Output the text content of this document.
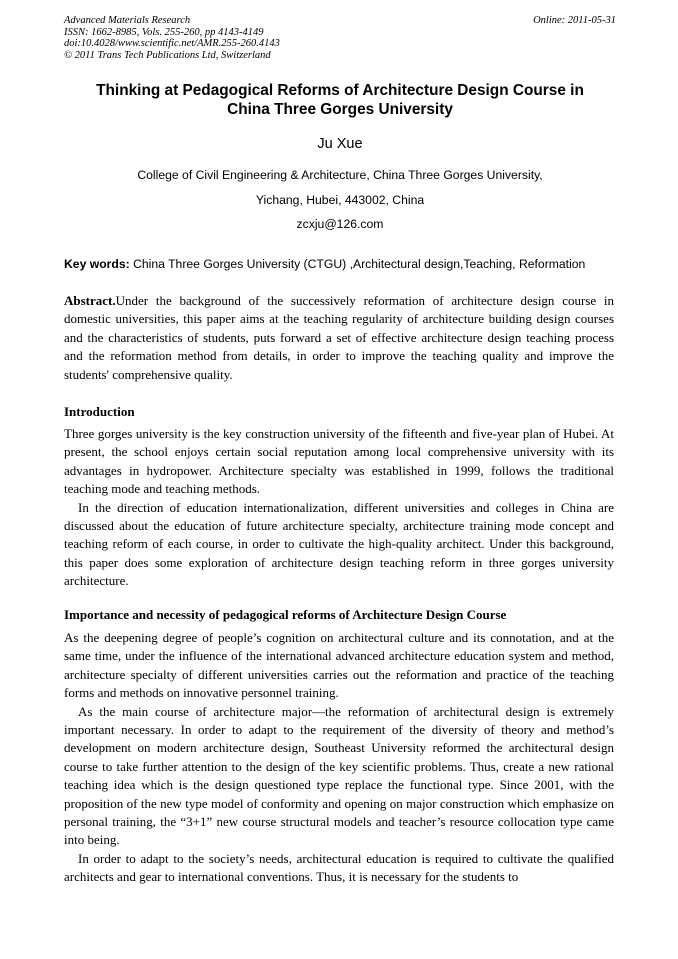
Advanced Materials Research
ISSN: 1662-8985, Vols. 255-260, pp 4143-4149
doi:10.4028/www.scientific.net/AMR.255-260.4143
© 2011 Trans Tech Publications Ltd, Switzerland
Online: 2011-05-31
Thinking at Pedagogical Reforms of Architecture Design Course in
China Three Gorges University
Ju Xue
College of Civil Engineering & Architecture, China Three Gorges University,
Yichang, Hubei, 443002, China
zcxju@126.com
Key words: China Three Gorges University (CTGU) ,Architectural design,Teaching, Reformation

Abstract.Under the background of the successively reformation of architecture design course in domestic universities, this paper aims at the teaching regularity of architecture building design courses and the characteristics of students, puts forward a set of effective architecture design teaching process and the reformation method from details, in order to improve the teaching quality and improve the students' comprehensive quality.

Introduction

Three gorges university is the key construction university of the fifteenth and five-year plan of Hubei. At present, the school enjoys certain social reputation among local comprehensive university with its advantages in hydropower. Architecture specialty was established in 1999, follows the traditional teaching mode and teaching methods.

In the direction of education internationalization, different universities and colleges in China are discussed about the education of future architecture specialty, architecture training mode concept and teaching reform of each course, in order to cultivate the high-quality architect. Under this background, this paper does some exploration of architecture design teaching reform in three gorges university architecture.

Importance and necessity of pedagogical reforms of Architecture Design Course

As the deepening degree of people’s cognition on architectural culture and its connotation, and at the same time, under the influence of the international advanced architecture education system and method, architecture specialty of different universities carries out the reformation and practice of the teaching forms and methods on innovative personnel training.

As the main course of architecture major—the reformation of architectural design is extremely important necessary. In order to adapt to the requirement of the diversity of theory and method’s development on modern architecture design, Southeast University reformed the architectural design course to take further attention to the design of the key scientific problems. Thus, create a new rational teaching idea which is the design questioned type replace the functional type. Since 2001, with the proposition of the new type model of conformity and opening on major construction which emphasize on personal training, the “3+1” new course structural models and teacher’s resource collocation type came into being.

In order to adapt to the society’s needs, architectural education is required to cultivate the qualified architects and gear to international conventions. Thus, it is necessary for the students to
